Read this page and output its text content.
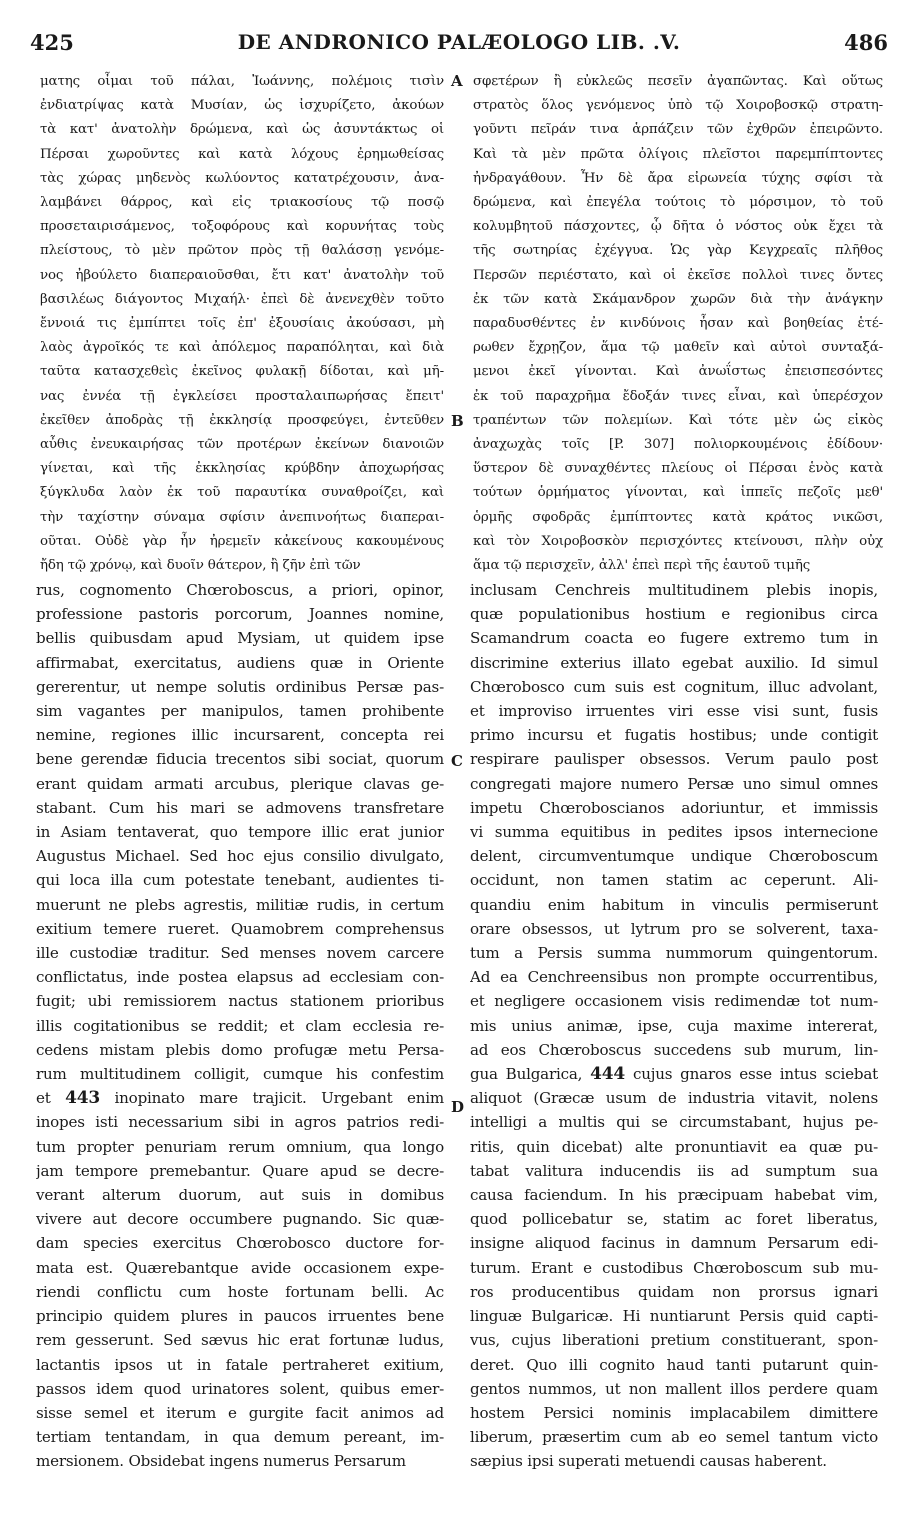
425	DE ANDRONICO PALÆOLOGO LIB. .V.	486
ματης οἶμαι τοῦ πάλαι, Ἰωάννης, πολέμοις τισὶν
ἐνδιατρίψας κατὰ Μυσίαν, ὡς ἰσχυρίζετο, ἀκούων
τὰ κατ' ἀνατολὴν δρώμενα, καὶ ὡς ἀσυντάκτως οἱ
Πέρσαι χωροῦντες καὶ κατὰ λόχους ἐρημωθείσας
τὰς χώρας μηδενὸς κωλύοντος κατατρέχουσιν, ἀνα-
λαμβάνει θάρρος, καὶ εἰς τριακοσίους τῷ ποσῷ
προσεταιρισάμενος, τοξοφόρους καὶ κορυνήτας τοὺς
πλείστους, τὸ μὲν πρῶτον πρὸς τῇ θαλάσσῃ γενόμε-
νος ἠβούλετο διαπεραιοῦσθαι, ἔτι κατ' ἀνατολὴν τοῦ
βασιλέως διάγοντος Μιχαήλ· ἐπεὶ δὲ ἀνενεχθὲν τοῦτο
ἔννοιά τις ἐμπίπτει τοῖς ἐπ' ἐξουσίαις ἀκούσασι, μὴ
λαὸς ἀγροῖκός τε καὶ ἀπόλεμος παραπόληται, καὶ διὰ
ταῦτα κατασχεθεὶς ἐκεῖνος φυλακῇ δίδοται, καὶ μῆ-
νας ἐννέα τῇ ἐγκλείσει προσταλαιπωρήσας ἔπειτ'
ἐκεῖθεν ἀποδρὰς τῇ ἐκκλησίᾳ προσφεύγει, ἐντεῦθεν
αὖθις ἐνευκαιρήσας τῶν προτέρων ἐκείνων διανοιῶν
γίνεται, καὶ τῆς ἐκκλησίας κρύβδην ἀποχωρήσας
ξύγκλυδα λαὸν ἐκ τοῦ παραυτίκα συναθροίζει, καὶ
τὴν ταχίστην σύναμα σφίσιν ἀνεπινοήτως διαπεραι-
οῦται. Οὐδὲ γὰρ ἦν ἠρεμεῖν κἀκείνους κακουμένους
ἤδη τῷ χρόνῳ, καὶ δυοῖν θάτερον, ἢ ζῆν ἐπὶ τῶν
σφετέρων ἢ εὐκλεῶς πεσεῖν ἀγαπῶντας. Καὶ οὕτως
στρατὸς ὅλος γενόμενος ὑπὸ τῷ Χοιροβοσκῷ στρατη-
γοῦντι πεῖράν τινα ἁρπάζειν τῶν ἐχθρῶν ἐπειρῶντο.
Καὶ τὰ μὲν πρῶτα ὀλίγοις πλεῖστοι παρεμπίπτοντες
ἠνδραγάθουν. Ἦν δὲ ἄρα εἰρωνεία τύχης σφίσι τὰ
δρώμενα, καὶ ἐπεγέλα τούτοις τὸ μόρσιμον, τὸ τοῦ
κολυμβητοῦ πάσχοντες, ᾧ δῆτα ὁ νόστος οὐκ ἔχει τὰ
τῆς σωτηρίας ἐχέγγυα. Ὡς γὰρ Κεγχρεαῖς πλῆθος
Περσῶν περιέστατο, καὶ οἱ ἐκεῖσε πολλοὶ τινες ὄντες
ἐκ τῶν κατὰ Σκάμανδρον χωρῶν διὰ τὴν ἀνάγκην
παραδυσθέντες ἐν κινδύνοις ἦσαν καὶ βοηθείας ἑτέ-
ρωθεν ἔχρῃζον, ἅμα τῷ μαθεῖν καὶ αὐτοὶ συνταξά-
μενοι ἐκεῖ γίνονται. Καὶ ἀνωΐστως ἐπεισπεσόντες
ἐκ τοῦ παραχρῆμα ἔδοξάν τινες εἶναι, καὶ ὑπερέσχον
τραπέντων τῶν πολεμίων. Καὶ τότε μὲν ὡς εἰκὸς
ἀναχωχὰς τοῖς [P. 307] πολιορκουμένοις ἐδίδουν·
ὕστερον δὲ συναχθέντες πλείους οἱ Πέρσαι ἑνὸς κατὰ
τούτων ὁρμήματος γίνονται, καὶ ἱππεῖς πεζοῖς μεθ'
ὁρμῆς σφοδρᾶς ἐμπίπτοντες κατὰ κράτος νικῶσι,
καὶ τὸν Χοιροβοσκὸν περισχόντες κτείνουσι, πλὴν οὐχ
ἅμα τῷ περισχεῖν, ἀλλ' ἐπεὶ περὶ τῆς ἑαυτοῦ τιμῆς
rus, cognomento Chœroboscus, a priori, opinor,
professione pastoris porcorum, Joannes nomine,
bellis quibusdam apud Mysiam, ut quidem ipse
affirmabat, exercitatus, audiens quæ in Oriente
gererentur, ut nempe solutis ordinibus Persæ pas-
sim vagantes per manipulos, tamen prohibente
nemine, regiones illic incursarent, concepta rei
bene gerendæ fiducia trecentos sibi sociat, quorum
erant quidam armati arcubus, plerique clavas ge-
stabant. Cum his mari se admovens transfretare
in Asiam tentaverat, quo tempore illic erat junior
Augustus Michael. Sed hoc ejus consilio divulgato,
qui loca illa cum potestate tenebant, audientes ti-
muerunt ne plebs agrestis, militiæ rudis, in certum
exitium temere rueret. Quamobrem comprehensus
ille custodiæ traditur. Sed menses novem carcere
conflictatus, inde postea elapsus ad ecclesiam con-
fugit; ubi remissiorem nactus stationem prioribus
illis cogitationibus se reddit; et clam ecclesia re-
cedens mistam plebis domo profugæ metu Persa-
rum multitudinem colligit, cumque his confestim
et 443 inopinato mare trajicit. Urgebant enim
inopes isti necessarium sibi in agros patrios redi-
tum propter penuriam rerum omnium, qua longo
jam tempore premebantur. Quare apud se decre-
verant alterum duorum, aut suis in domibus
vivere aut decore occumbere pugnando. Sic quæ-
dam species exercitus Chœrobosco ductore for-
mata est. Quærebantque avide occasionem expe-
riendi conflictu cum hoste fortunam belli. Ac
principio quidem plures in paucos irruentes bene
rem gesserunt. Sed sævus hic erat fortunæ ludus,
lactantis ipsos ut in fatale pertraheret exitium,
passos idem quod urinatores solent, quibus emer-
sisse semel et iterum e gurgite facit animos ad
tertiam tentandam, in qua demum pereant, im-
mersionem. Obsidebat ingens numerus Persarum
inclusam Cenchreis multitudinem plebis inopis,
quæ populationibus hostium e regionibus circa
Scamandrum coacta eo fugere extremo tum in
discrimine exterius illato egebat auxilio. Id simul
Chœrobosco cum suis est cognitum, illuc advolant,
et improviso irruentes viri esse visi sunt, fusis
primo incursu et fugatis hostibus; unde contigit
respirare paulisper obsessos. Verum paulo post
congregati majore numero Persæ uno simul omnes
impetu Chœroboscianos adoriuntur, et immissis
vi summa equitibus in pedites ipsos internecione
delent, circumventumque undique Chœroboscum
occidunt, non tamen statim ac ceperunt. Ali-
quandiu enim habitum in vinculis permiserunt
orare obsessos, ut lytrum pro se solverent, taxa-
tum a Persis summa nummorum quingentorum.
Ad ea Cenchreensibus non prompte occurrentibus,
et negligere occasionem visis redimendæ tot num-
mis unius animæ, ipse, cuja maxime intererat,
ad eos Chœroboscus succedens sub murum, lin-
gua Bulgarica, 444 cujus gnaros esse intus sciebat
aliquot (Græcæ usum de industria vitavit, nolens
intelligi a multis qui se circumstabant, hujus pe-
ritis, quin dicebat) alte pronuntiavit ea quæ pu-
tabat valitura inducendis iis ad sumptum sua
causa faciendum. In his præcipuam habebat vim,
quod pollicebatur se, statim ac foret liberatus,
insigne aliquod facinus in damnum Persarum edi-
turum. Erant e custodibus Chœroboscum sub mu-
ros producentibus quidam non prorsus ignari
linguæ Bulgaricæ. Hi nuntiarunt Persis quid capti-
vus, cujus liberationi pretium constituerant, spon-
deret. Quo illi cognito haud tanti putarunt quin-
gentos nummos, ut non mallent illos perdere quam
hostem Persici nominis implacabilem dimittere
liberum, præsertim cum ab eo semel tantum victo
sæpius ipsi superati metuendi causas haberent.
A
B
C
D
